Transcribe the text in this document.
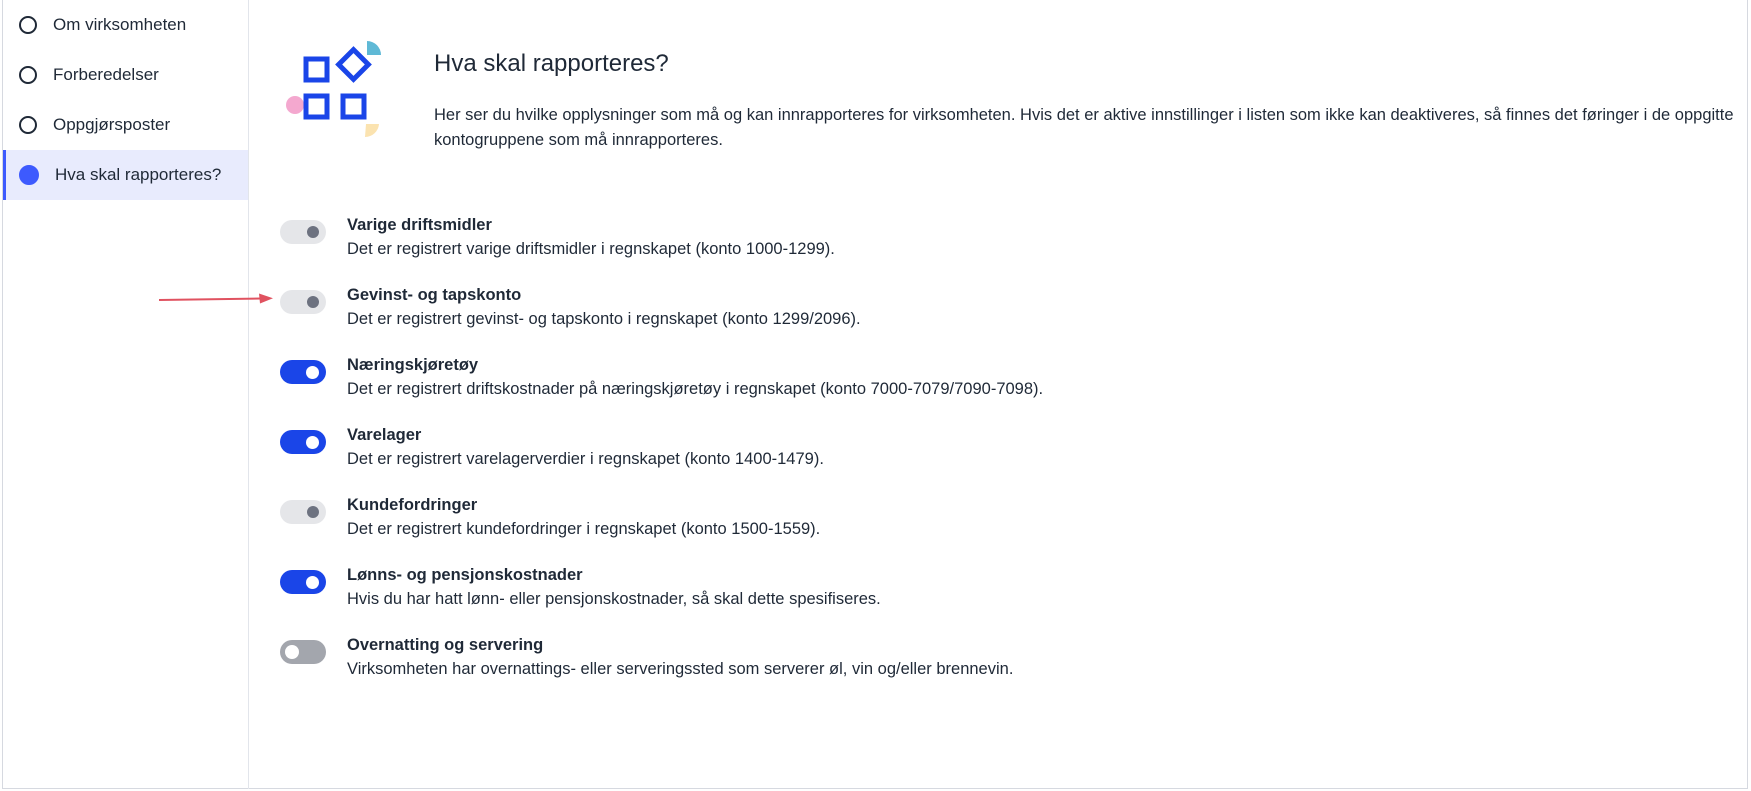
Om virksomheten
Forberedelser
Oppgjørsposter
Hva skal rapporteres?
Hva skal rapporteres?

Her ser du hvilke opplysninger som må og kan innrapporteres for virksomheten. Hvis det er aktive innstillinger i listen som ikke kan deaktiveres, så finnes det føringer i de oppgitte kontogruppene som må innrapporteres.

Varige driftsmidler
Det er registrert varige driftsmidler i regnskapet (konto 1000-1299).
Gevinst- og tapskonto
Det er registrert gevinst- og tapskonto i regnskapet (konto 1299/2096).
Næringskjøretøy
Det er registrert driftskostnader på næringskjøretøy i regnskapet (konto 7000-7079/7090-7098).
Varelager
Det er registrert varelagerverdier i regnskapet (konto 1400-1479).
Kundefordringer
Det er registrert kundefordringer i regnskapet (konto 1500-1559).
Lønns- og pensjonskostnader
Hvis du har hatt lønn- eller pensjonskostnader, så skal dette spesifiseres.
Overnatting og servering
Virksomheten har overnattings- eller serveringssted som serverer øl, vin og/eller brennevin.
